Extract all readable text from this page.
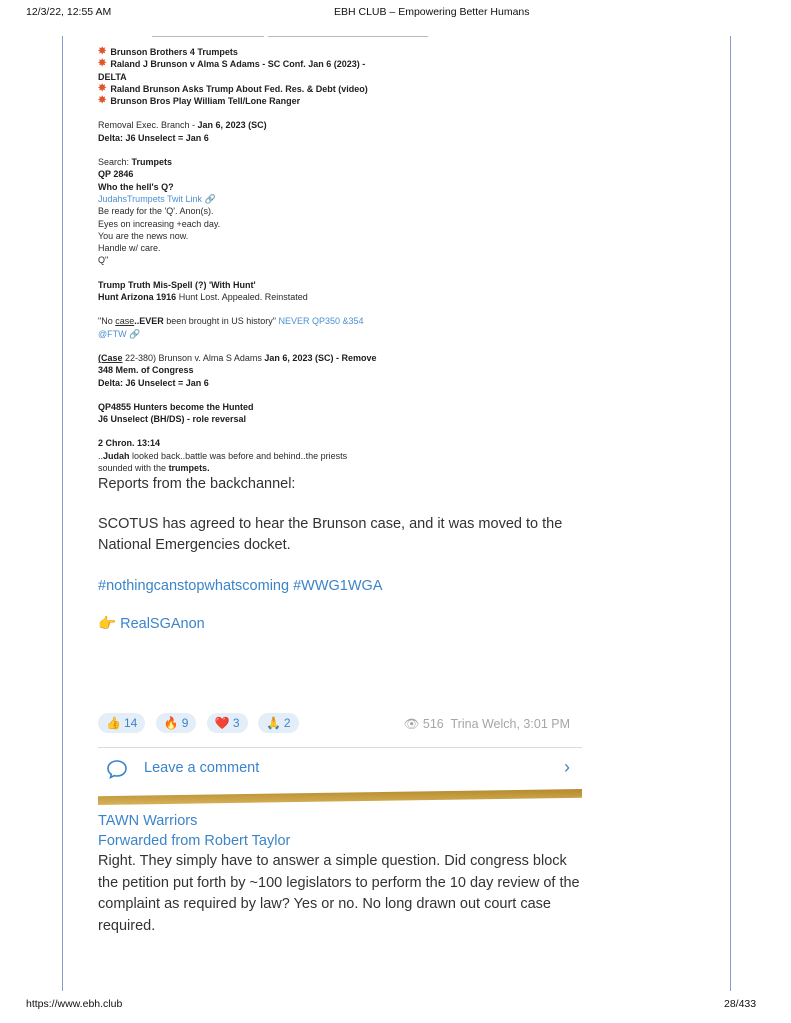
12/3/22, 12:55 AM	EBH CLUB – Empowering Better Humans
https://www.ebh.club	28/433
✸ Brunson Brothers 4 Trumpets
✸ Raland J Brunson v Alma S Adams - SC Conf. Jan 6 (2023) -
DELTA
✸ Raland Brunson Asks Trump About Fed. Res. & Debt (video)
✸ Brunson Bros Play William Tell/Lone Ranger
Removal Exec. Branch - Jan 6, 2023 (SC)
Delta: J6 Unselect = Jan 6
Search: Trumpets
QP 2846
Who the hell's Q?
JudahsTrumpets Twit Link 🔗
Be ready for the 'Q'. Anon(s).
Eyes on increasing +each day.
You are the news now.
Handle w/ care.
Q"
Trump Truth Mis-Spell (?) 'With Hunt'
Hunt Arizona 1916 Hunt Lost. Appealed. Reinstated
"No case..EVER been brought in US history" NEVER QP350 &354
@FTW 🔗
(Case 22-380) Brunson v. Alma S Adams Jan 6, 2023 (SC) - Remove
348 Mem. of Congress
Delta: J6 Unselect = Jan 6
QP4855 Hunters become the Hunted
J6 Unselect (BH/DS) - role reversal
2 Chron. 13:14
..Judah looked back..battle was before and behind..the priests
sounded with the trumpets.
Reports from the backchannel:
SCOTUS has agreed to hear the Brunson case, and it was moved to the National Emergencies docket.
#nothingcanstopwhatscoming #WWG1WGA
👉 RealSGAnon
👍 14
🔥 9
❤️ 3
🙏 2	👁 516 Trina Welch, 3:01 PM
Leave a comment	›
TAWN Warriors
Forwarded from Robert Taylor
Right. They simply have to answer a simple question. Did congress block the petition put forth by ~100 legislators to perform the 10 day review of the complaint as required by law? Yes or no. No long drawn out court case required.
